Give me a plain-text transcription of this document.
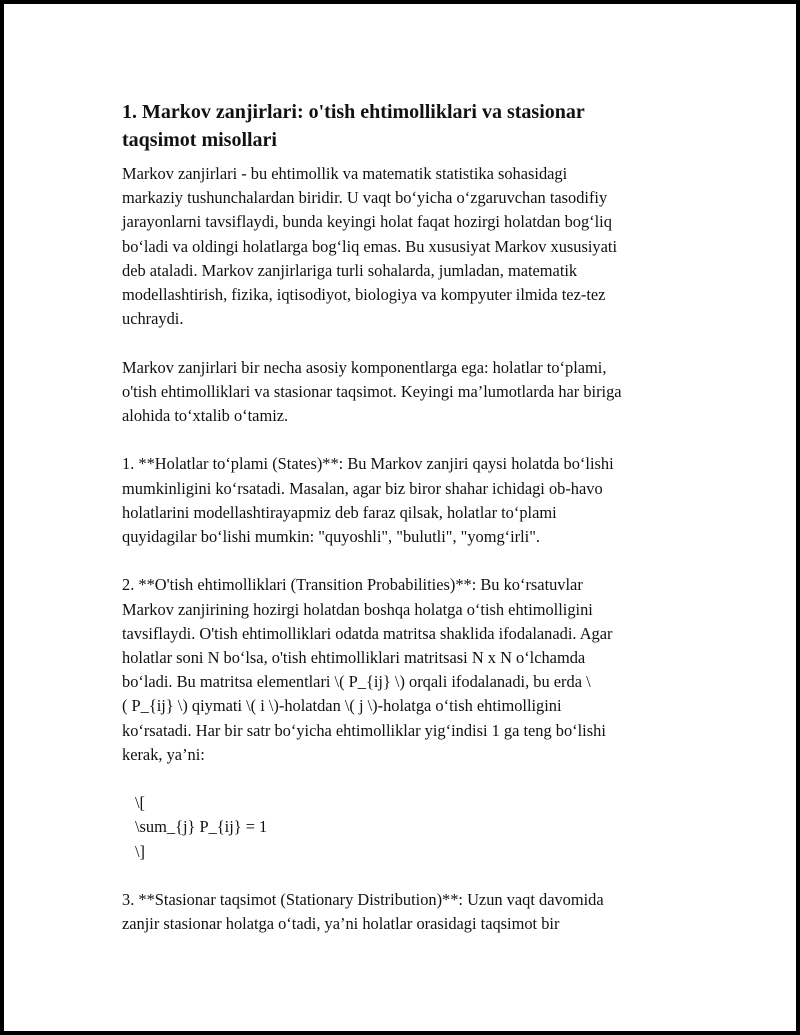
1. Markov zanjirlari: o'tish ehtimolliklari va stasionar
taqsimot misollari

Markov zanjirlari - bu ehtimollik va matematik statistika sohasidagi
markaziy tushunchalardan biridir. U vaqt bo‘yicha o‘zgaruvchan tasodifiy
jarayonlarni tavsiflaydi, bunda keyingi holat faqat hozirgi holatdan bog‘liq
bo‘ladi va oldingi holatlarga bog‘liq emas. Bu xususiyat Markov xususiyati
deb ataladi. Markov zanjirlariga turli sohalarda, jumladan, matematik
modellashtirish, fizika, iqtisodiyot, biologiya va kompyuter ilmida tez-tez
uchraydi.

Markov zanjirlari bir necha asosiy komponentlarga ega: holatlar to‘plami,
o'tish ehtimolliklari va stasionar taqsimot. Keyingi ma’lumotlarda har biriga
alohida to‘xtalib o‘tamiz.

1. **Holatlar to‘plami (States)**: Bu Markov zanjiri qaysi holatda bo‘lishi
mumkinligini ko‘rsatadi. Masalan, agar biz biror shahar ichidagi ob-havo
holatlarini modellashtirayapmiz deb faraz qilsak, holatlar to‘plami
quyidagilar bo‘lishi mumkin: "quyoshli", "bulutli", "yomg‘irli".

2. **O'tish ehtimolliklari (Transition Probabilities)**: Bu ko‘rsatuvlar
Markov zanjirining hozirgi holatdan boshqa holatga o‘tish ehtimolligini
tavsiflaydi. O'tish ehtimolliklari odatda matritsa shaklida ifodalanadi. Agar
holatlar soni N bo‘lsa, o'tish ehtimolliklari matritsasi N x N o‘lchamda
bo‘ladi. Bu matritsa elementlari \( P_{ij} \) orqali ifodalanadi, bu erda \
( P_{ij} \) qiymati \( i \)-holatdan \( j \)-holatga o‘tish ehtimolligini
ko‘rsatadi. Har bir satr bo‘yicha ehtimolliklar yig‘indisi 1 ga teng bo‘lishi
kerak, ya’ni:

\[
\sum_{j} P_{ij} = 1
\]

3. **Stasionar taqsimot (Stationary Distribution)**: Uzun vaqt davomida
zanjir stasionar holatga o‘tadi, ya’ni holatlar orasidagi taqsimot bir
